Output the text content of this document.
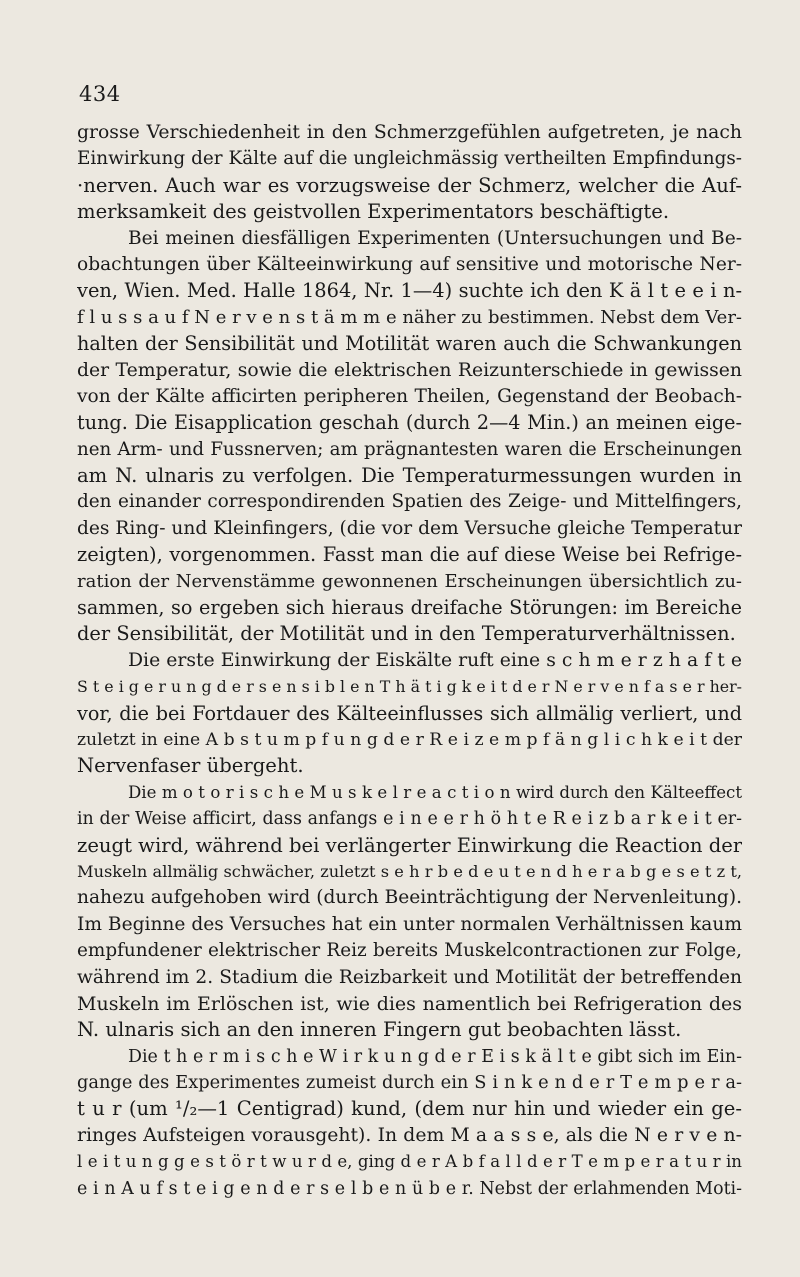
434
grosse Verschiedenheit in den Schmerzgefühlen aufgetreten, je nach
Einwirkung der Kälte auf die ungleichmässig vertheilten Empfindungs-
·nerven. Auch war es vorzugsweise der Schmerz, welcher die Auf-
merksamkeit des geistvollen Experimentators beschäftigte.
Bei meinen diesfälligen Experimenten (Untersuchungen und Be-
obachtungen über Kälteeinwirkung auf sensitive und motorische Ner-
ven, Wien. Med. Halle 1864, Nr. 1—4) suchte ich den K ä l t e e i n-
f l u s s a u f N e r v e n s t ä m m e näher zu bestimmen. Nebst dem Ver-
halten der Sensibilität und Motilität waren auch die Schwankungen
der Temperatur, sowie die elektrischen Reizunterschiede in gewissen
von der Kälte afficirten peripheren Theilen, Gegenstand der Beobach-
tung. Die Eisapplication geschah (durch 2—4 Min.) an meinen eige-
nen Arm- und Fussnerven; am prägnantesten waren die Erscheinungen
am N. ulnaris zu verfolgen. Die Temperaturmessungen wurden in
den einander correspondirenden Spatien des Zeige- und Mittelfingers,
des Ring- und Kleinfingers, (die vor dem Versuche gleiche Temperatur
zeigten), vorgenommen. Fasst man die auf diese Weise bei Refrige-
ration der Nervenstämme gewonnenen Erscheinungen übersichtlich zu-
sammen, so ergeben sich hieraus dreifache Störungen: im Bereiche
der Sensibilität, der Motilität und in den Temperaturverhältnissen.
Die erste Einwirkung der Eiskälte ruft eine s c h m e r z h a f t e
S t e i g e r u n g d e r s e n s i b l e n T h ä t i g k e i t d e r N e r v e n f a s e r her-
vor, die bei Fortdauer des Kälteeinflusses sich allmälig verliert, und
zuletzt in eine A b s t u m p f u n g d e r R e i z e m p f ä n g l i c h k e i t der
Nervenfaser übergeht.
Die m o t o r i s c h e M u s k e l r e a c t i o n wird durch den Kälteeffect
in der Weise afficirt, dass anfangs e i n e e r h ö h t e R e i z b a r k e i t er-
zeugt wird, während bei verlängerter Einwirkung die Reaction der
Muskeln allmälig schwächer, zuletzt s e h r b e d e u t e n d h e r a b g e s e t z t,
nahezu aufgehoben wird (durch Beeinträchtigung der Nervenleitung).
Im Beginne des Versuches hat ein unter normalen Verhältnissen kaum
empfundener elektrischer Reiz bereits Muskelcontractionen zur Folge,
während im 2. Stadium die Reizbarkeit und Motilität der betreffenden
Muskeln im Erlöschen ist, wie dies namentlich bei Refrigeration des
N. ulnaris sich an den inneren Fingern gut beobachten lässt.
Die t h e r m i s c h e W i r k u n g d e r E i s k ä l t e gibt sich im Ein-
gange des Experimentes zumeist durch ein S i n k e n d e r T e m p e r a-
t u r (um ¹/₂—1 Centigrad) kund, (dem nur hin und wieder ein ge-
ringes Aufsteigen vorausgeht). In dem M a a s s e, als die N e r v e n-
l e i t u n g g e s t ö r t w u r d e, ging d e r A b f a l l d e r T e m p e r a t u r in
e i n A u f s t e i g e n d e r s e l b e n ü b e r. Nebst der erlahmenden Moti-
